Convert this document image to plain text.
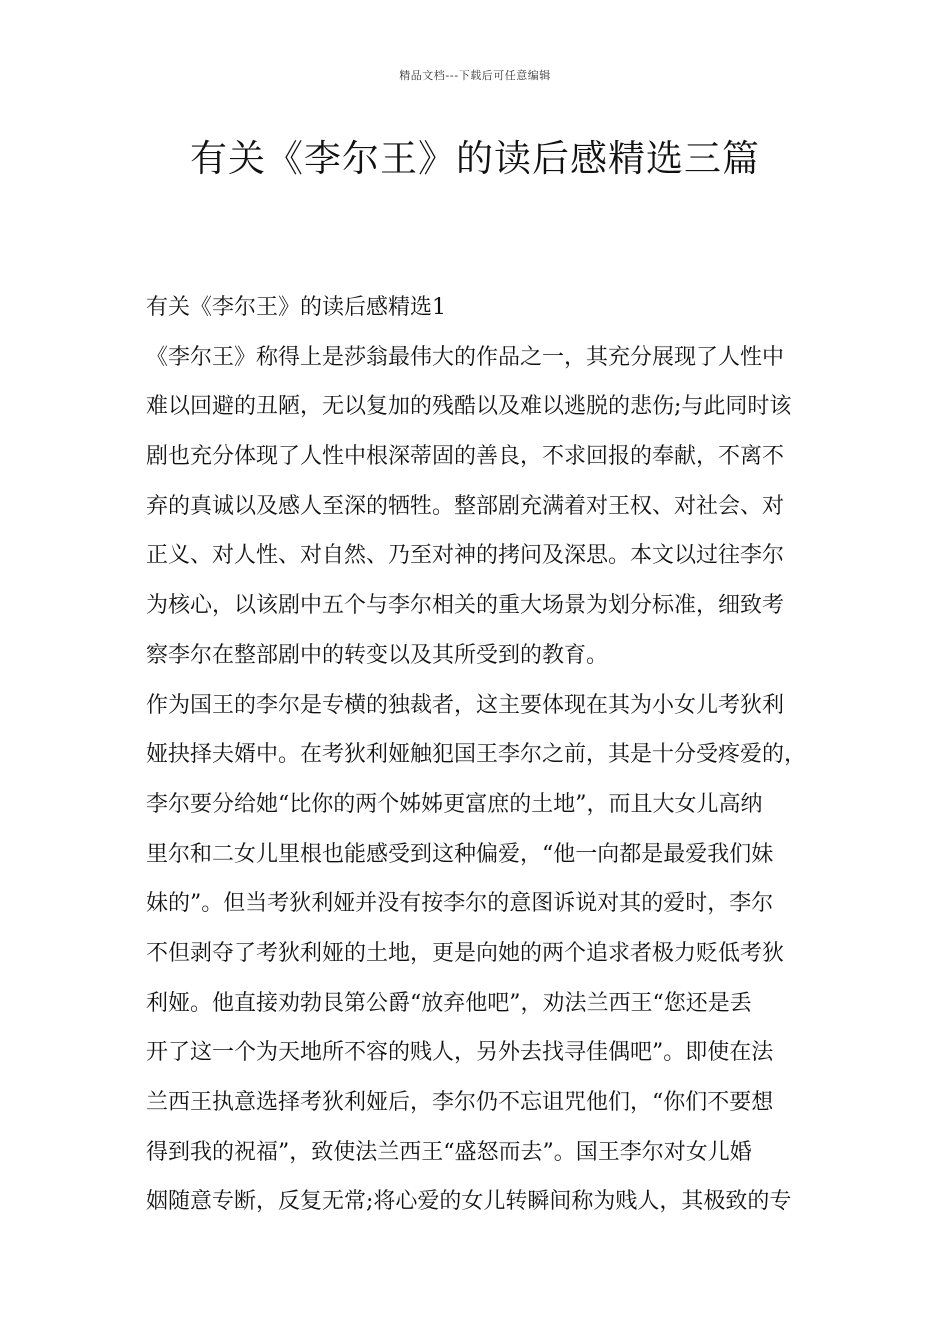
精品文档---下载后可任意编辑
有关《李尔王》的读后感精选三篇
有关《李尔王》的读后感精选1
《李尔王》称得上是莎翁最伟大的作品之一，其充分展现了人性中
难以回避的丑陋，无以复加的残酷以及难以逃脱的悲伤;与此同时该
剧也充分体现了人性中根深蒂固的善良，不求回报的奉献，不离不
弃的真诚以及感人至深的牺牲。整部剧充满着对王权、对社会、对
正义、对人性、对自然、乃至对神的拷问及深思。本文以过往李尔
为核心，以该剧中五个与李尔相关的重大场景为划分标准，细致考
察李尔在整部剧中的转变以及其所受到的教育。
作为国王的李尔是专横的独裁者，这主要体现在其为小女儿考狄利
娅抉择夫婿中。在考狄利娅触犯国王李尔之前，其是十分受疼爱的，
李尔要分给她“比你的两个姊姊更富庶的土地”，而且大女儿高纳
里尔和二女儿里根也能感受到这种偏爱，“他一向都是最爱我们妹
妹的”。但当考狄利娅并没有按李尔的意图诉说对其的爱时，李尔
不但剥夺了考狄利娅的土地，更是向她的两个追求者极力贬低考狄
利娅。他直接劝勃艮第公爵“放弃他吧”，劝法兰西王“您还是丢
开了这一个为天地所不容的贱人，另外去找寻佳偶吧”。即使在法
兰西王执意选择考狄利娅后，李尔仍不忘诅咒他们，“你们不要想
得到我的祝福”，致使法兰西王“盛怒而去”。国王李尔对女儿婚
姻随意专断，反复无常;将心爱的女儿转瞬间称为贱人，其极致的专
